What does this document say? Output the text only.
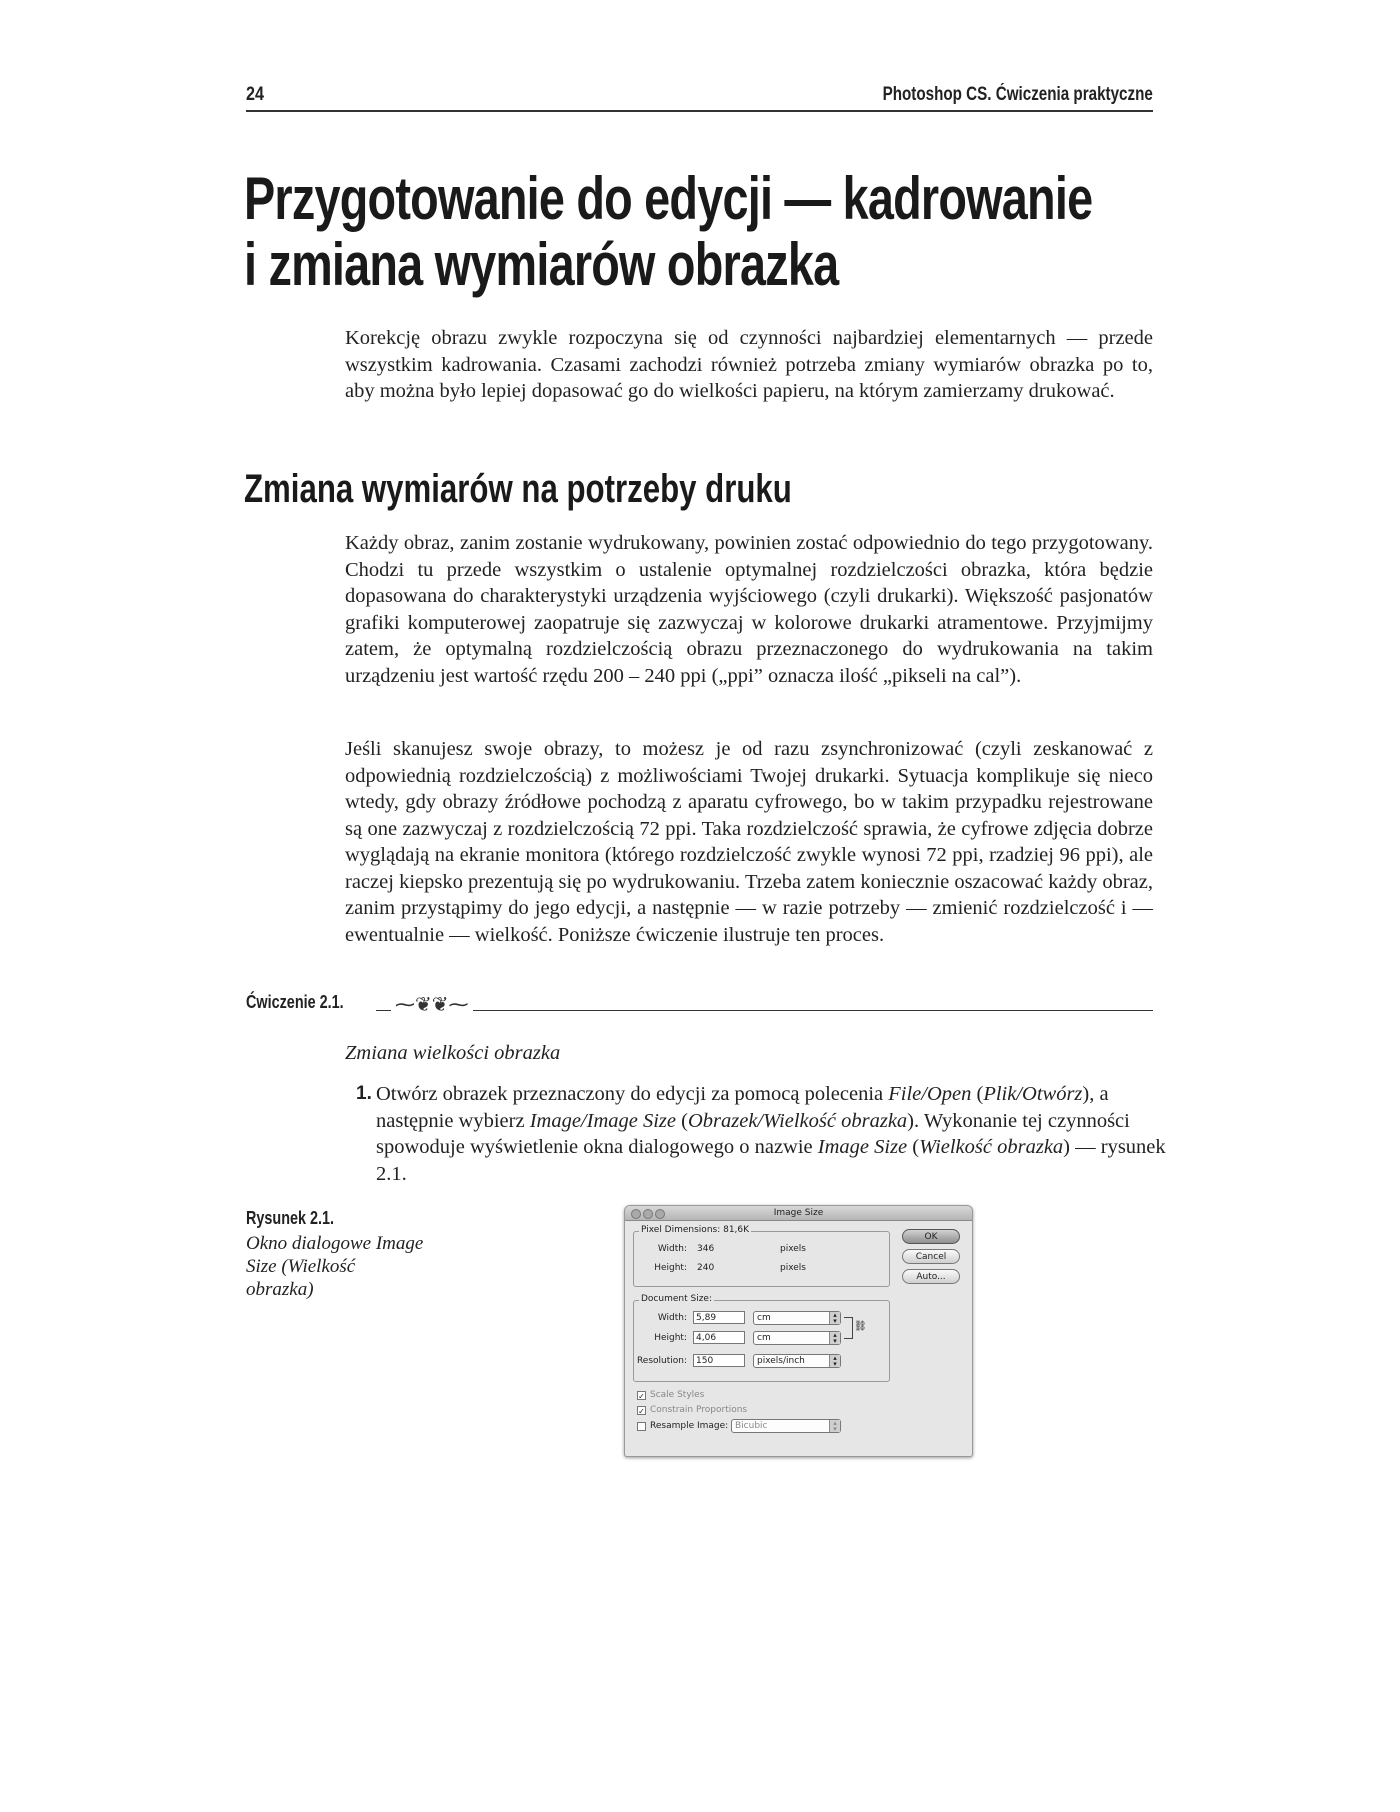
24	Photoshop CS. Ćwiczenia praktyczne
Przygotowanie do edycji — kadrowanie
i zmiana wymiarów obrazka

Korekcję obrazu zwykle rozpoczyna się od czynności najbardziej elementarnych — przede wszystkim kadrowania. Czasami zachodzi również potrzeba zmiany wymiarów obrazka po to, aby można było lepiej dopasować go do wielkości papieru, na którym zamierzamy drukować.

Zmiana wymiarów na potrzeby druku

Każdy obraz, zanim zostanie wydrukowany, powinien zostać odpowiednio do tego przygotowany. Chodzi tu przede wszystkim o ustalenie optymalnej rozdzielczości obrazka, która będzie dopasowana do charakterystyki urządzenia wyjściowego (czyli drukarki). Większość pasjonatów grafiki komputerowej zaopatruje się zazwyczaj w kolorowe drukarki atramentowe. Przyjmijmy zatem, że optymalną rozdzielczością obrazu przeznaczonego do wydrukowania na takim urządzeniu jest wartość rzędu 200 – 240 ppi („ppi” oznacza ilość „pikseli na cal”).

Jeśli skanujesz swoje obrazy, to możesz je od razu zsynchronizować (czyli zeskanować z odpowiednią rozdzielczością) z możliwościami Twojej drukarki. Sytuacja komplikuje się nieco wtedy, gdy obrazy źródłowe pochodzą z aparatu cyfrowego, bo w takim przypadku rejestrowane są one zazwyczaj z rozdzielczością 72 ppi. Taka rozdzielczość sprawia, że cyfrowe zdjęcia dobrze wyglądają na ekranie monitora (którego rozdzielczość zwykle wynosi 72 ppi, rzadziej 96 ppi), ale raczej kiepsko prezentują się po wydrukowaniu. Trzeba zatem koniecznie oszacować każdy obraz, zanim przystąpimy do jego edycji, a następnie — w razie potrzeby — zmienić rozdzielczość i — ewentualnie — wielkość. Poniższe ćwiczenie ilustruje ten proces.

Ćwiczenie 2.1.	⁓❦❦⁓
Zmiana wielkości obrazka
1. Otwórz obrazek przeznaczony do edycji za pomocą polecenia File/Open (Plik/Otwórz), a następnie wybierz Image/Image Size (Obrazek/Wielkość obrazka). Wykonanie tej czynności spowoduje wyświetlenie okna dialogowego o nazwie Image Size (Wielkość obrazka) — rysunek 2.1.
Rysunek 2.1.
Okno dialogowe Image Size (Wielkość obrazka)
Image Size
Pixel Dimensions: 81,6K
Width: 346	pixels
Height: 240	pixels
OK
Cancel
Auto...
Document Size:
Width:	5,89	cm	▴
▾
Height:	4,06	cm	▴
▾
Resolution:	150	pixels/inch	▴
▾
⛓
✓ Scale Styles
✓ Constrain Proportions
Resample Image: Bicubic	▴
▾
